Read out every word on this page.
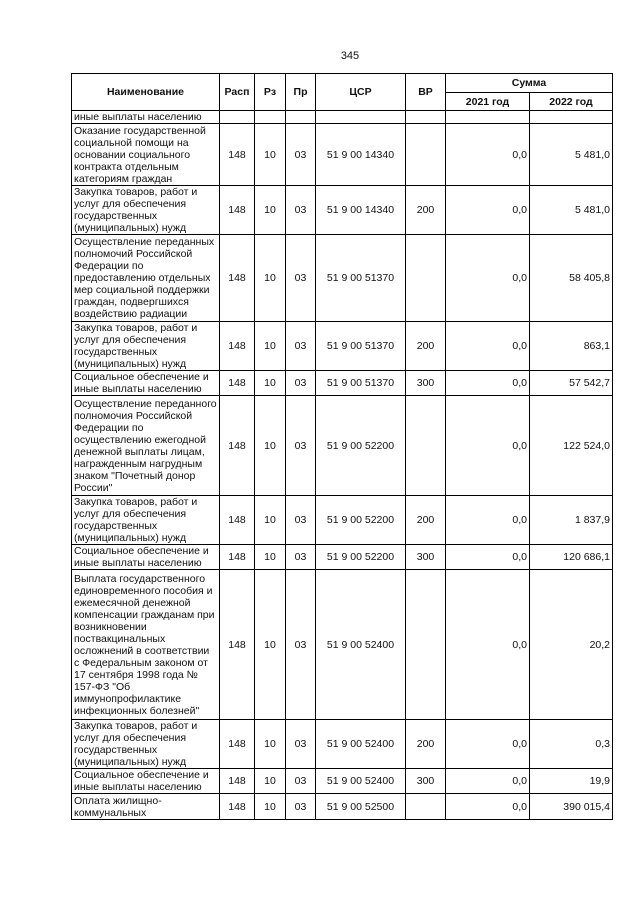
345
Наименование	Расп	Рз	Пр	ЦСР	ВР	Сумма	
						2021 год	2022 год
иные выплаты населению							
Оказание государственной социальной помощи на основании социального контракта отдельным категориям граждан	148	10	03	51 9 00 14340		0,0	5 481,0
Закупка товаров, работ и услуг для обеспечения государственных (муниципальных) нужд	148	10	03	51 9 00 14340	200	0,0	5 481,0
Осуществление переданных полномочий Российской Федерации по предоставлению отдельных мер социальной поддержки граждан, подвергшихся воздействию радиации	148	10	03	51 9 00 51370		0,0	58 405,8
Закупка товаров, работ и услуг для обеспечения государственных (муниципальных) нужд	148	10	03	51 9 00 51370	200	0,0	863,1
Социальное обеспечение и иные выплаты населению	148	10	03	51 9 00 51370	300	0,0	57 542,7
Осуществление переданного полномочия Российской Федерации по осуществлению ежегодной денежной выплаты лицам, награжденным нагрудным знаком "Почетный донор России"	148	10	03	51 9 00 52200		0,0	122 524,0
Закупка товаров, работ и услуг для обеспечения государственных (муниципальных) нужд	148	10	03	51 9 00 52200	200	0,0	1 837,9
Социальное обеспечение и иные выплаты населению	148	10	03	51 9 00 52200	300	0,0	120 686,1
Выплата государственного единовременного пособия и ежемесячной денежной компенсации гражданам при возникновении поствакцинальных осложнений в соответствии с Федеральным законом от 17 сентября 1998 года № 157-ФЗ "Об иммунопрофилактике инфекционных болезней"	148	10	03	51 9 00 52400		0,0	20,2
Закупка товаров, работ и услуг для обеспечения государственных (муниципальных) нужд	148	10	03	51 9 00 52400	200	0,0	0,3
Социальное обеспечение и иные выплаты населению	148	10	03	51 9 00 52400	300	0,0	19,9
Оплата жилищно-коммунальных	148	10	03	51 9 00 52500		0,0	390 015,4
